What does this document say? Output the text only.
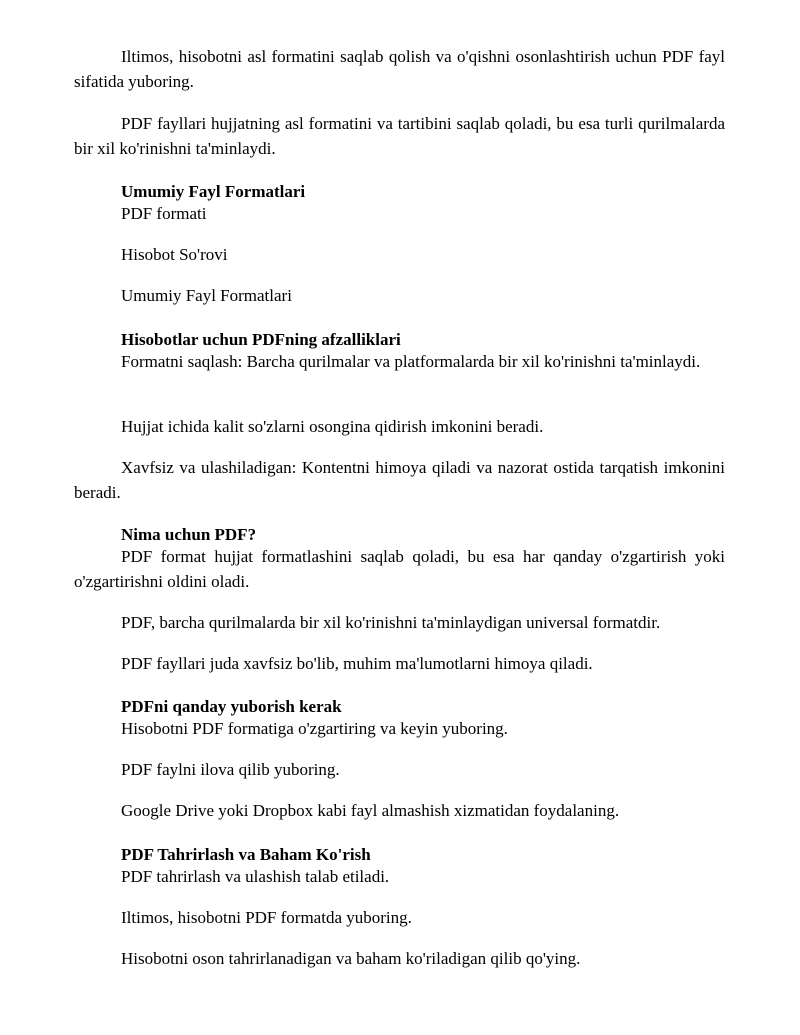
Iltimos, hisobotni asl formatini saqlab qolish va o'qishni osonlashtirish uchun PDF fayl sifatida yuboring.

PDF fayllari hujjatning asl formatini va tartibini saqlab qoladi, bu esa turli qurilmalarda bir xil ko'rinishni ta'minlaydi.

Umumiy Fayl Formatlari

PDF formati

Hisobot So'rovi

Umumiy Fayl Formatlari

Hisobotlar uchun PDFning afzalliklari

Formatni saqlash: Barcha qurilmalar va platformalarda bir xil ko'rinishni ta'minlaydi.

Hujjat ichida kalit so'zlarni osongina qidirish imkonini beradi.

Xavfsiz va ulashiladigan: Kontentni himoya qiladi va nazorat ostida tarqatish imkonini beradi.

Nima uchun PDF?

PDF format hujjat formatlashini saqlab qoladi, bu esa har qanday o'zgartirish yoki o'zgartirishni oldini oladi.

PDF, barcha qurilmalarda bir xil ko'rinishni ta'minlaydigan universal formatdir.

PDF fayllari juda xavfsiz bo'lib, muhim ma'lumotlarni himoya qiladi.

PDFni qanday yuborish kerak

Hisobotni PDF formatiga o'zgartiring va keyin yuboring.

PDF faylni ilova qilib yuboring.

Google Drive yoki Dropbox kabi fayl almashish xizmatidan foydalaning.

PDF Tahrirlash va Baham Ko'rish

PDF tahrirlash va ulashish talab etiladi.

Iltimos, hisobotni PDF formatda yuboring.

Hisobotni oson tahrirlanadigan va baham ko'riladigan qilib qo'ying.
